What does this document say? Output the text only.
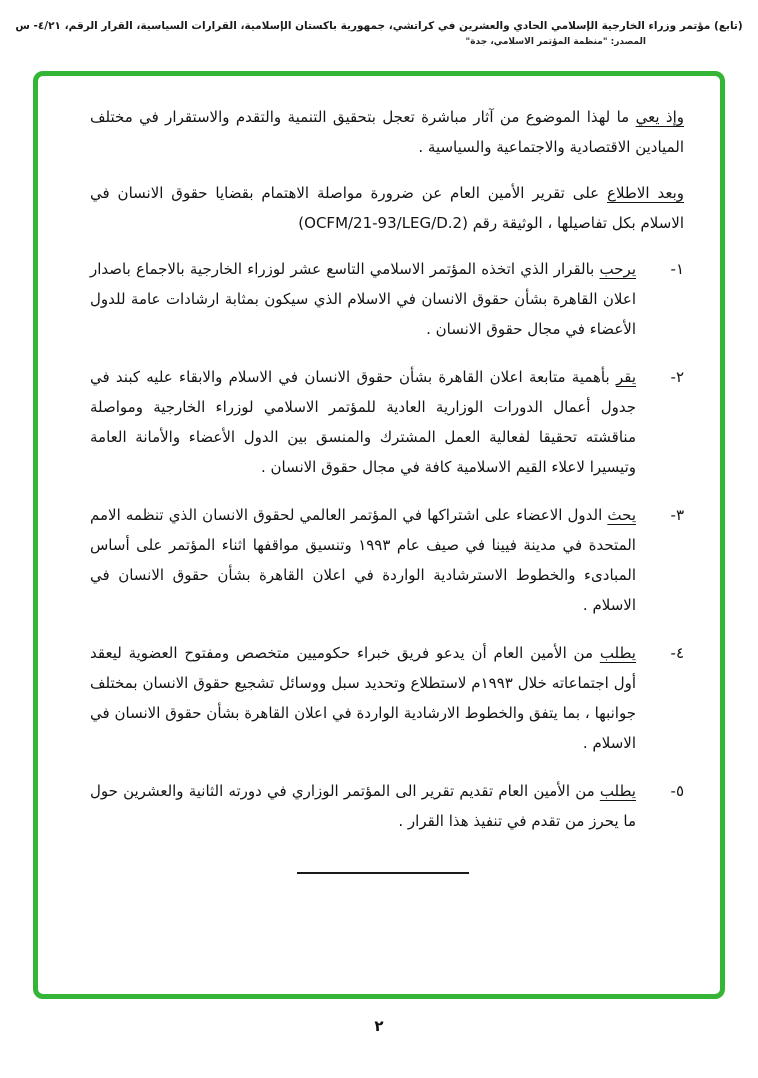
(تابع) مؤتمر وزراء الخارجية الإسلامي الحادي والعشرين في كراتشي، جمهورية باكستان الإسلامية، القرارات السياسية، القرار الرقم، ٤/٢١- س
المصدر: "منظمة المؤتمر الاسلامي، جدة"

وإذ يعي ما لهذا الموضوع من آثار مباشرة تعجل بتحقيق التنمية والتقدم والاستقرار في مختلف الميادين الاقتصادية والاجتماعية والسياسية .

وبعد الاطلاع على تقرير الأمين العام عن ضرورة مواصلة الاهتمام بقضايا حقوق الانسان في الاسلام بكل تفاصيلها ، الوثيقة رقم (OCFM/21-93/LEG/D.2)

١-

يرحب بالقرار الذي اتخذه المؤتمر الاسلامي التاسع عشر لوزراء الخارجية بالاجماع باصدار اعلان القاهرة بشأن حقوق الانسان في الاسلام الذي سيكون بمثابة ارشادات عامة للدول الأعضاء في مجال حقوق الانسان .

٢-

يقر بأهمية متابعة اعلان القاهرة بشأن حقوق الانسان في الاسلام والابقاء عليه كبند في جدول أعمال الدورات الوزارية العادية للمؤتمر الاسلامي لوزراء الخارجية ومواصلة مناقشته تحقيقا لفعالية العمل المشترك والمنسق بين الدول الأعضاء والأمانة العامة وتيسيرا لاعلاء القيم الاسلامية كافة في مجال حقوق الانسان .

٣-

يحث الدول الاعضاء على اشتراكها في المؤتمر العالمي لحقوق الانسان الذي تنظمه الامم المتحدة في مدينة فيينا في صيف عام ١٩٩٣ وتنسيق مواقفها اثناء المؤتمر على أساس المبادىء والخطوط الاسترشادية الواردة في اعلان القاهرة بشأن حقوق الانسان في الاسلام .

٤-

يطلب من الأمين العام أن يدعو فريق خبراء حكوميين متخصص ومفتوح العضوية ليعقد أول اجتماعاته خلال ١٩٩٣م لاستطلاع وتحديد سبل ووسائل تشجيع حقوق الانسان بمختلف جوانبها ، بما يتفق والخطوط الارشادية الواردة في اعلان القاهرة بشأن حقوق الانسان في الاسلام .

٥-

يطلب من الأمين العام تقديم تقرير الى المؤتمر الوزاري في دورته الثانية والعشرين حول ما يحرز من تقدم في تنفيذ هذا القرار .

٢
